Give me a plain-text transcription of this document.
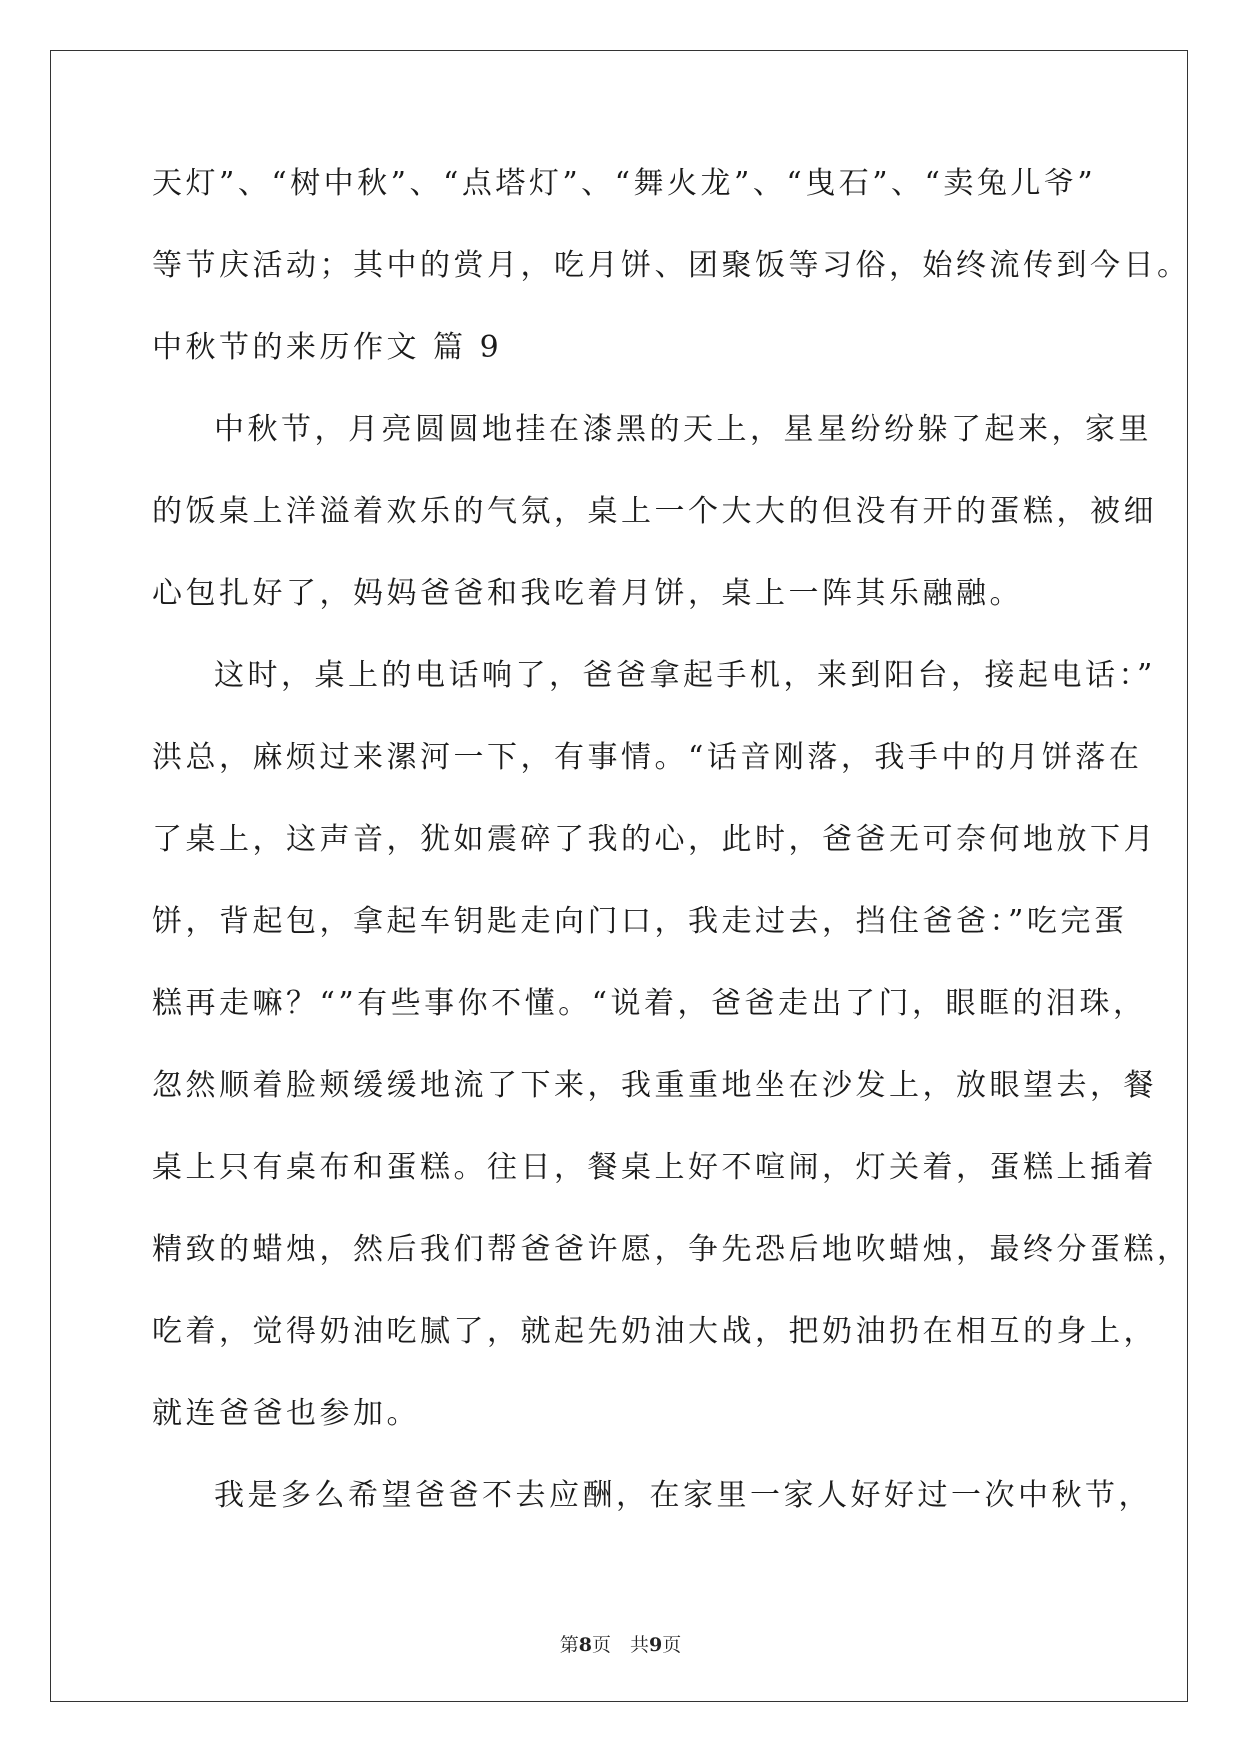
天灯”、“树中秋”、“点塔灯”、“舞火龙”、“曳石”、“卖兔儿爷”
等节庆活动；其中的赏月，吃月饼、团聚饭等习俗，始终流传到今日。
中秋节的来历作文 篇 9
中秋节，月亮圆圆地挂在漆黑的天上，星星纷纷躲了起来，家里
的饭桌上洋溢着欢乐的气氛，桌上一个大大的但没有开的蛋糕，被细
心包扎好了，妈妈爸爸和我吃着月饼，桌上一阵其乐融融。
这时，桌上的电话响了，爸爸拿起手机，来到阳台，接起电话：”
洪总，麻烦过来漯河一下，有事情。“话音刚落，我手中的月饼落在
了桌上，这声音，犹如震碎了我的心，此时，爸爸无可奈何地放下月
饼，背起包，拿起车钥匙走向门口，我走过去，挡住爸爸：”吃完蛋
糕再走嘛？“”有些事你不懂。“说着，爸爸走出了门，眼眶的泪珠，
忽然顺着脸颊缓缓地流了下来，我重重地坐在沙发上，放眼望去，餐
桌上只有桌布和蛋糕。往日，餐桌上好不喧闹，灯关着，蛋糕上插着
精致的蜡烛，然后我们帮爸爸许愿，争先恐后地吹蜡烛，最终分蛋糕，
吃着，觉得奶油吃腻了，就起先奶油大战，把奶油扔在相互的身上，
就连爸爸也参加。
我是多么希望爸爸不去应酬，在家里一家人好好过一次中秋节，
第8页　共9页
